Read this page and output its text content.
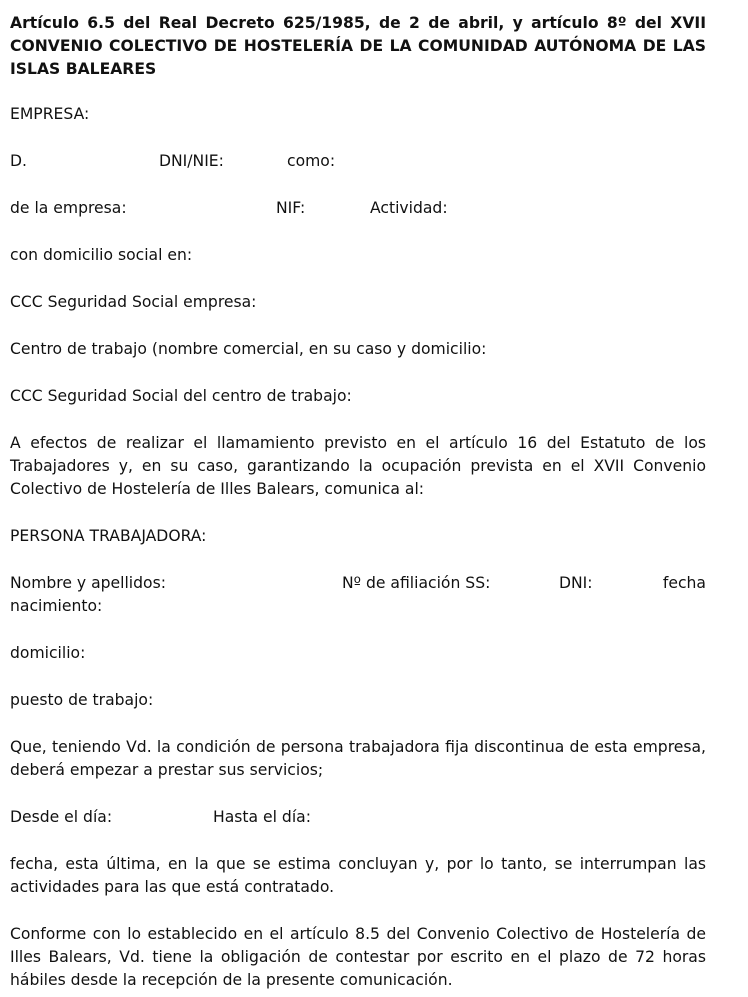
Artículo 6.5 del Real Decreto 625/1985, de 2 de abril, y artículo 8º del XVII CONVENIO COLECTIVO DE HOSTELERÍA DE LA COMUNIDAD AUTÓNOMA DE LAS ISLAS BALEARES

EMPRESA:

D.	DNI/NIE:	como:

de la empresa:	NIF:	Actividad:

con domicilio social en:

CCC Seguridad Social empresa:

Centro de trabajo (nombre comercial, en su caso y domicilio:

CCC Seguridad Social del centro de trabajo:

A efectos de realizar el llamamiento previsto en el artículo 16 del Estatuto de los Trabajadores y, en su caso, garantizando la ocupación prevista en el XVII Convenio Colectivo de Hostelería de Illes Balears, comunica al:

PERSONA TRABAJADORA:

Nombre y apellidos:	Nº de afiliación SS:	DNI:	fecha

nacimiento:

domicilio:

puesto de trabajo:

Que, teniendo Vd. la condición de persona trabajadora fija discontinua de esta empresa, deberá empezar a prestar sus servicios;

Desde el día:	Hasta el día:

fecha, esta última, en la que se estima concluyan y, por lo tanto, se interrumpan las actividades para las que está contratado.

Conforme con lo establecido en el artículo 8.5 del Convenio Colectivo de Hostelería de Illes Balears, Vd. tiene la obligación de contestar por escrito en el plazo de 72 horas hábiles desde la recepción de la presente comunicación.
